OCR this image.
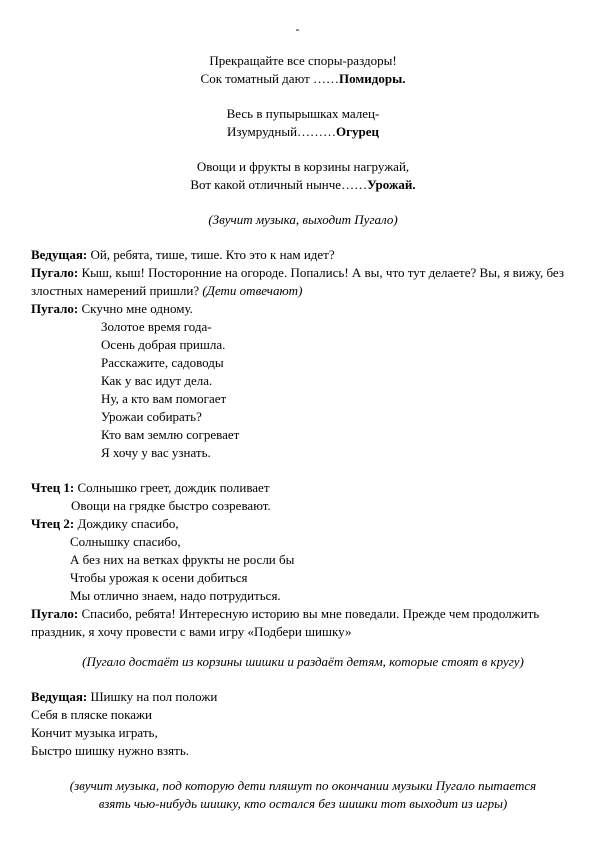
-
Прекращайте все споры-раздоры!
Сок томатный дают ……Помидоры.
Весь в пупырышках малец-
Изумрудный………Огурец
Овощи и фрукты в корзины нагружай,
Вот какой отличный нынче……Урожай.
(Звучит музыка, выходит Пугало)
Ведущая: Ой, ребята, тише, тише. Кто это к нам идет?
Пугало: Кыш, кыш! Посторонние на огороде. Попались! А вы, что тут делаете? Вы, я вижу, без злостных намерений пришли? (Дети отвечают)
Пугало: Скучно мне одному.
Золотое время года-
Осень добрая пришла.
Расскажите, садоводы
Как у вас идут дела.
Ну, а кто вам помогает
Урожаи собирать?
Кто вам землю согревает
Я хочу у вас узнать.
Чтец 1: Солнышко греет, дождик поливает
Овощи на грядке быстро созревают.
Чтец 2: Дождику спасибо,
Солнышку спасибо,
А без них на ветках фрукты не росли бы
Чтобы урожая к осени добиться
Мы отлично знаем, надо потрудиться.
Пугало: Спасибо, ребята! Интересную историю вы мне поведали. Прежде чем продолжить праздник, я хочу провести с вами игру «Подбери шишку»
(Пугало достаёт из корзины шишки и раздаёт детям, которые стоят в кругу)
Ведущая: Шишку на пол положи
Себя в пляске покажи
Кончит музыка играть,
Быстро шишку нужно взять.
(звучит музыка, под которую дети пляшут по окончании музыки Пугало пытается
взять чью-нибудь шишку, кто остался без шишки тот выходит из игры)
